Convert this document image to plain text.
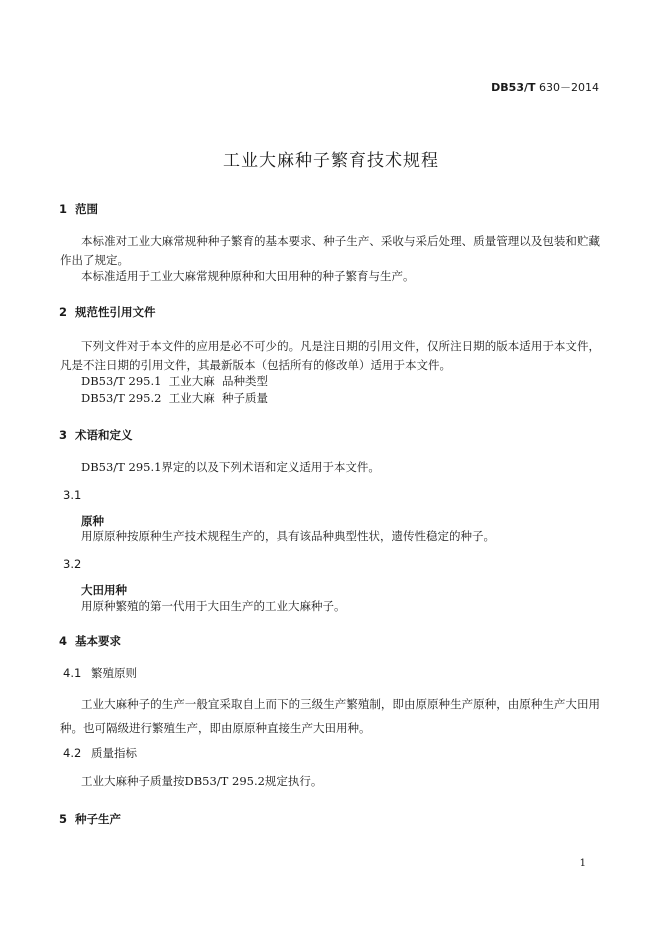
DB53/T 630－2014
工业大麻种子繁育技术规程
1 范围

本标准对工业大麻常规种种子繁育的基本要求、种子生产、采收与采后处理、质量管理以及包装和贮藏作出了规定。

本标准适用于工业大麻常规种原种和大田用种的种子繁育与生产。

2 规范性引用文件

下列文件对于本文件的应用是必不可少的。凡是注日期的引用文件，仅所注日期的版本适用于本文件，凡是不注日期的引用文件，其最新版本（包括所有的修改单）适用于本文件。

DB53/T 295.1  工业大麻  品种类型
DB53/T 295.2  工业大麻  种子质量
3 术语和定义

DB53/T 295.1界定的以及下列术语和定义适用于本文件。

3.1
原种

用原原种按原种生产技术规程生产的，具有该品种典型性状，遗传性稳定的种子。

3.2
大田用种

用原种繁殖的第一代用于大田生产的工业大麻种子。

4 基本要求
4.1 繁殖原则

工业大麻种子的生产一般宜采取自上而下的三级生产繁殖制，即由原原种生产原种，由原种生产大田用种。也可隔级进行繁殖生产，即由原原种直接生产大田用种。

4.2 质量指标

工业大麻种子质量按DB53/T 295.2规定执行。

5 种子生产
1
